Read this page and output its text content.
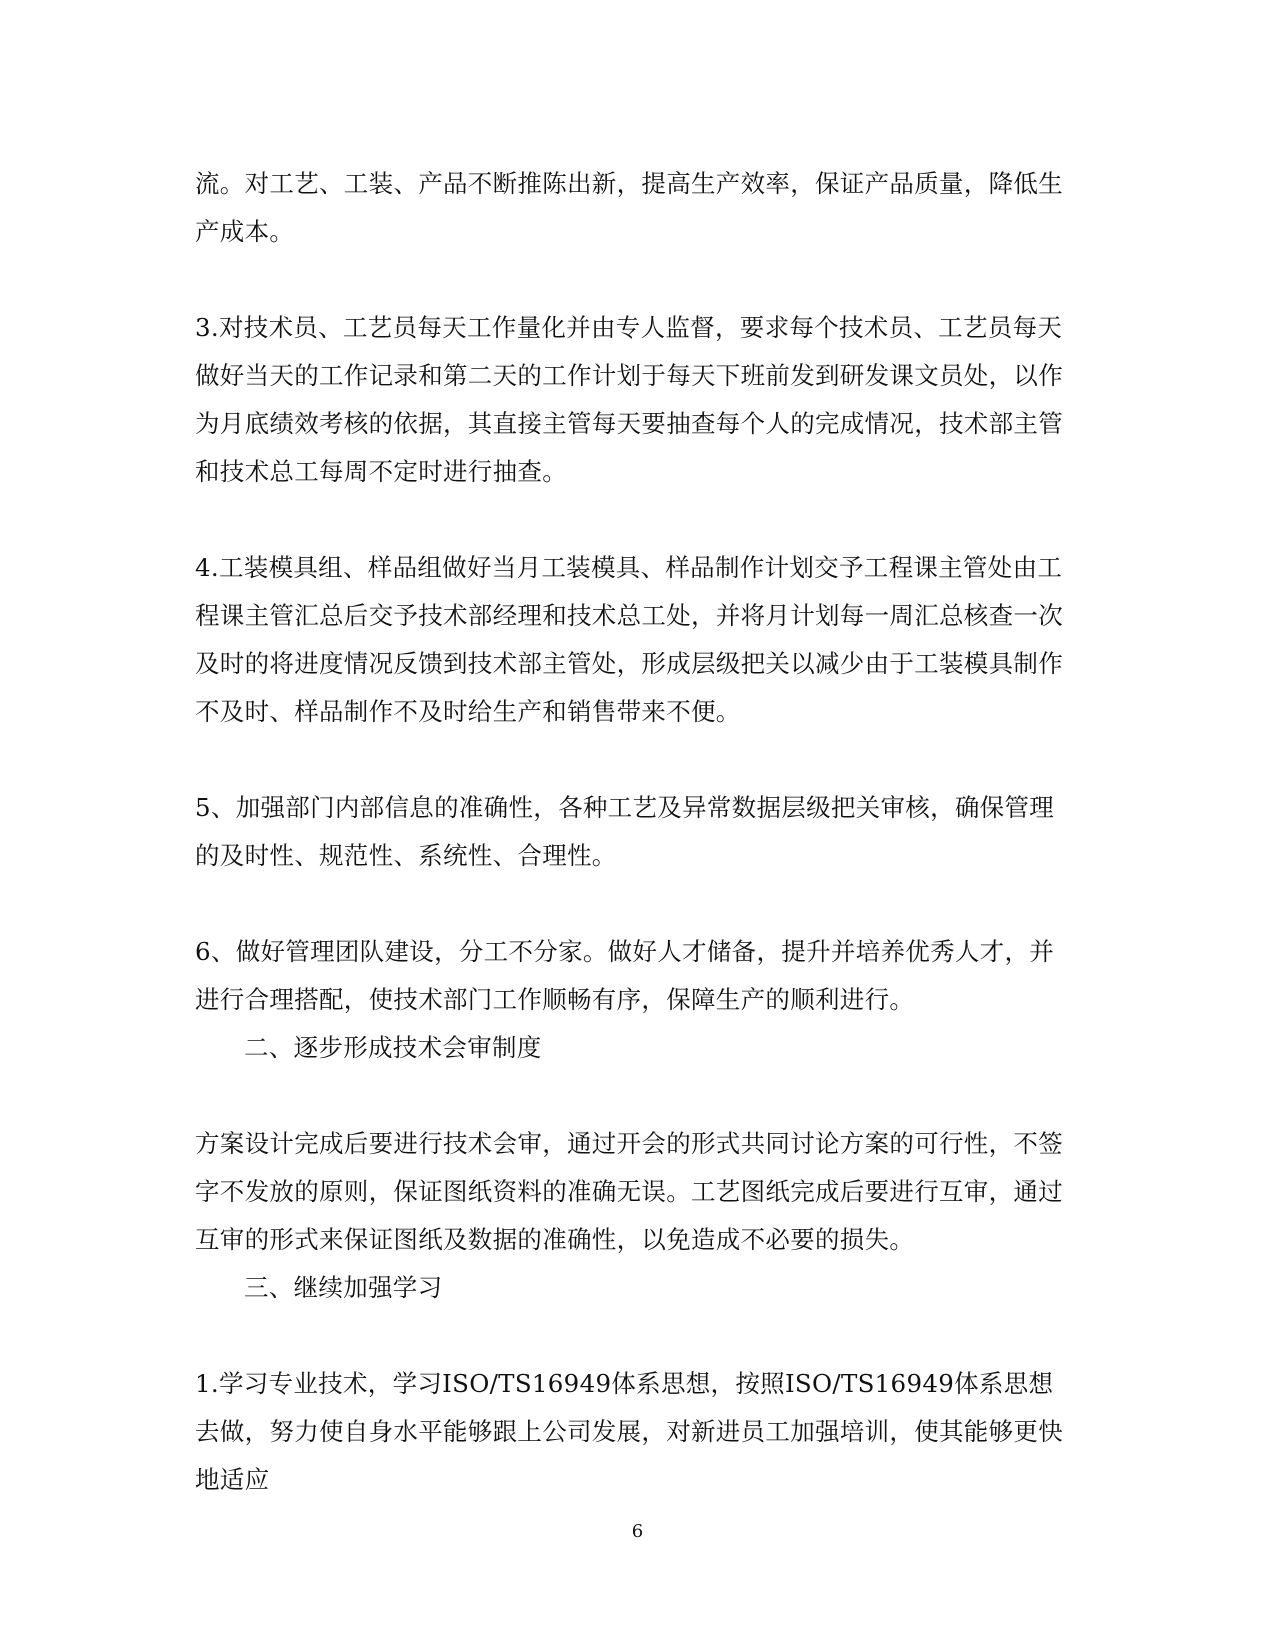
流。对工艺、工装、产品不断推陈出新，提高生产效率，保证产品质量，降低生产成本。

3.对技术员、工艺员每天工作量化并由专人监督，要求每个技术员、工艺员每天做好当天的工作记录和第二天的工作计划于每天下班前发到研发课文员处，以作为月底绩效考核的依据，其直接主管每天要抽查每个人的完成情况，技术部主管和技术总工每周不定时进行抽查。

4.工装模具组、样品组做好当月工装模具、样品制作计划交予工程课主管处由工程课主管汇总后交予技术部经理和技术总工处，并将月计划每一周汇总核查一次及时的将进度情况反馈到技术部主管处，形成层级把关以减少由于工装模具制作不及时、样品制作不及时给生产和销售带来不便。

5、加强部门内部信息的准确性，各种工艺及异常数据层级把关审核，确保管理的及时性、规范性、系统性、合理性。

6、做好管理团队建设，分工不分家。做好人才储备，提升并培养优秀人才，并进行合理搭配，使技术部门工作顺畅有序，保障生产的顺利进行。

二、逐步形成技术会审制度

方案设计完成后要进行技术会审，通过开会的形式共同讨论方案的可行性，不签字不发放的原则，保证图纸资料的准确无误。工艺图纸完成后要进行互审，通过互审的形式来保证图纸及数据的准确性，以免造成不必要的损失。

三、继续加强学习

1.学习专业技术，学习ISO/TS16949体系思想，按照ISO/TS16949体系思想去做，努力使自身水平能够跟上公司发展，对新进员工加强培训，使其能够更快地适应

6
